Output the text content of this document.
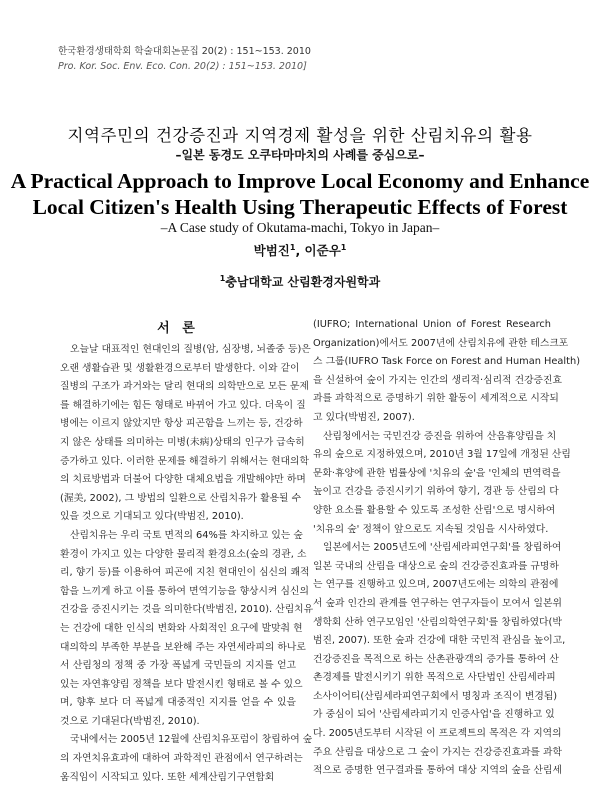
한국환경생태학회 학술대회논문집 20(2) : 151~153. 2010
Pro. Kor. Soc. Env. Eco. Con. 20(2) : 151~153. 2010]
지역주민의 건강증진과 지역경제 활성을 위한 산림치유의 활용
–일본 동경도 오쿠타마마치의 사례를 중심으로–
A Practical Approach to Improve Local Economy and Enhance
Local Citizen's Health Using Therapeutic Effects of Forest
–A Case study of Okutama-machi, Tokyo in Japan–
박범진$^1$, 이준우$^1$
$^1$충남대학교 산림환경자원학과
서 론
오늘날 대표적인 현대인의 질병(암, 심장병, 뇌졸중 등)은
오랜 생활습관 및 생활환경으로부터 발생한다. 이와 같이
질병의 구조가 과거와는 달리 현대의 의학만으로 모든 문제
를 해결하기에는 힘든 형태로 바뀌어 가고 있다. 더욱이 질
병에는 이르지 않았지만 항상 피곤함을 느끼는 등, 건강하
지 않은 상태를 의미하는 미병(未病)상태의 인구가 급속히
증가하고 있다. 이러한 문제를 해결하기 위해서는 현대의학
의 치료방법과 더불어 다양한 대체요법을 개발해야만 하며
(渥美, 2002), 그 방법의 일환으로 산림치유가 활용될 수
있을 것으로 기대되고 있다(박범진, 2010).
산림치유는 우리 국토 면적의 64%를 차지하고 있는 숲
환경이 가지고 있는 다양한 물리적 환경요소(숲의 경관, 소
리, 향기 등)를 이용하여 피곤에 지친 현대인이 심신의 쾌적
함을 느끼게 하고 이를 통하여 면역기능을 향상시켜 심신의
건강을 증진시키는 것을 의미한다(박범진, 2010). 산림치유
는 건강에 대한 인식의 변화와 사회적인 요구에 발맞춰 현
대의학의 부족한 부분을 보완해 주는 자연세라피의 하나로
서 산림청의 정책 중 가장 폭넓게 국민들의 지지를 얻고
있는 자연휴양림 정책을 보다 발전시킨 형태로 볼 수 있으
며, 향후 보다 더 폭넓게 대중적인 지지를 얻을 수 있을
것으로 기대된다(박범진, 2010).
국내에서는 2005년 12월에 산림치유포럼이 창립하여 숲
의 자연치유효과에 대하여 과학적인 관점에서 연구하려는
움직임이 시작되고 있다. 또한 세계산림기구연합회
(IUFRO; International Union of Forest Research
Organization)에서도 2007년에 산림치유에 관한 테스크포
스 그룹(IUFRO Task Force on Forest and Human Health)
을 신설하여 숲이 가지는 인간의 생리적·심리적 건강증진효
과를 과학적으로 증명하기 위한 활동이 세계적으로 시작되
고 있다(박범진, 2007).
산림청에서는 국민건강 증진을 위하여 산음휴양림을 치
유의 숲으로 지정하였으며, 2010년 3월 17일에 개정된 산림
문화·휴양에 관한 법률상에 '치유의 숲'을 '인체의 면역력을
높이고 건강을 증진시키기 위하여 향기, 경관 등 산림의 다
양한 요소를 활용할 수 있도록 조성한 산림'으로 명시하여
'치유의 숲' 정책이 앞으로도 지속될 것임을 시사하였다.
일본에서는 2005년도에 '산림세라피연구회'를 창립하여
일본 국내의 산림을 대상으로 숲의 건강증진효과를 규명하
는 연구를 진행하고 있으며, 2007년도에는 의학의 관점에
서 숲과 인간의 관계를 연구하는 연구자들이 모여서 일본위
생학회 산하 연구모임인 '산림의학연구회'를 창립하였다(박
범진, 2007). 또한 숲과 건강에 대한 국민적 관심을 높이고,
건강증진을 목적으로 하는 산촌관광객의 증가를 통하여 산
촌경제를 발전시키기 위한 목적으로 사단법인 산림세라피
소사이어티(산림세라피연구회에서 명칭과 조직이 변경됨)
가 중심이 되어 '산림세라피기지 인증사업'을 진행하고 있
다. 2005년도부터 시작된 이 프로젝트의 목적은 각 지역의
주요 산림을 대상으로 그 숲이 가지는 건강증진효과를 과학
적으로 증명한 연구결과를 통하여 대상 지역의 숲을 산림세
